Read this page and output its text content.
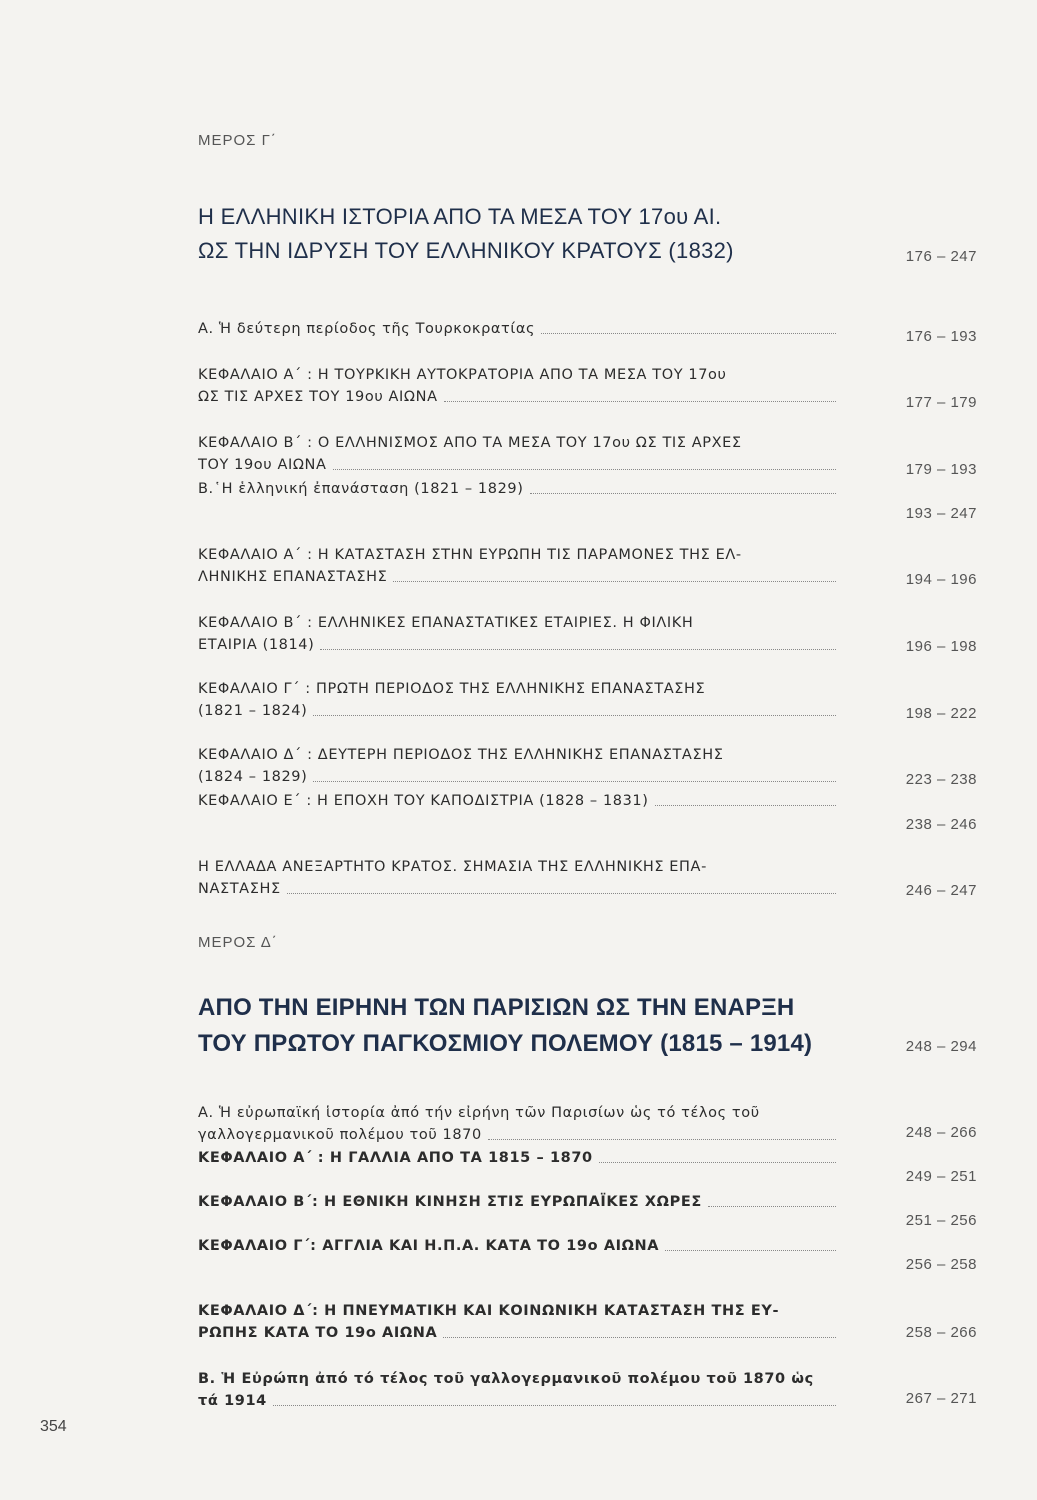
ΜΕΡΟΣ Γ΄
Η ΕΛΛΗΝΙΚΗ ΙΣΤΟΡΙΑ ΑΠΟ ΤΑ ΜΕΣΑ ΤΟΥ 17ου ΑΙ.
ΩΣ ΤΗΝ ΙΔΡΥΣΗ ΤΟΥ ΕΛΛΗΝΙΚΟΥ ΚΡΑΤΟΥΣ (1832)	176 – 247
Α. Ἡ δεύτερη περίοδος τῆς Τουρκοκρατίας	176 – 193
ΚΕΦΑΛΑΙΟ Α΄ : Η ΤΟΥΡΚΙΚΗ ΑΥΤΟΚΡΑΤΟΡΙΑ ΑΠΟ ΤΑ ΜΕΣΑ ΤΟΥ 17ου
ΩΣ ΤΙΣ ΑΡΧΕΣ ΤΟΥ 19ου ΑΙΩΝΑ	177 – 179
ΚΕΦΑΛΑΙΟ Β΄ : Ο ΕΛΛΗΝΙΣΜΟΣ ΑΠΟ ΤΑ ΜΕΣΑ ΤΟΥ 17ου ΩΣ ΤΙΣ ΑΡΧΕΣ
ΤΟΥ 19ου ΑΙΩΝΑ	179 – 193
Β.῾Η ἑλληνική ἐπανάσταση (1821 – 1829)
193 – 247
ΚΕΦΑΛΑΙΟ Α΄ : Η ΚΑΤΑΣΤΑΣΗ ΣΤΗΝ ΕΥΡΩΠΗ ΤΙΣ ΠΑΡΑΜΟΝΕΣ ΤΗΣ ΕΛ-
ΛΗΝΙΚΗΣ ΕΠΑΝΑΣΤΑΣΗΣ	194 – 196
ΚΕΦΑΛΑΙΟ Β΄ : ΕΛΛΗΝΙΚΕΣ ΕΠΑΝΑΣΤΑΤΙΚΕΣ ΕΤΑΙΡΙΕΣ. Η ΦΙΛΙΚΗ
ΕΤΑΙΡΙΑ (1814)	196 – 198
ΚΕΦΑΛΑΙΟ Γ΄ : ΠΡΩΤΗ ΠΕΡΙΟΔΟΣ ΤΗΣ ΕΛΛΗΝΙΚΗΣ ΕΠΑΝΑΣΤΑΣΗΣ
(1821 – 1824)	198 – 222
ΚΕΦΑΛΑΙΟ Δ΄ : ΔΕΥΤΕΡΗ ΠΕΡΙΟΔΟΣ ΤΗΣ ΕΛΛΗΝΙΚΗΣ ΕΠΑΝΑΣΤΑΣΗΣ
(1824 – 1829)	223 – 238
ΚΕΦΑΛΑΙΟ Ε΄ : Η ΕΠΟΧΗ ΤΟΥ ΚΑΠΟΔΙΣΤΡΙΑ (1828 – 1831)
238 – 246
Η ΕΛΛΑΔΑ ΑΝΕΞΑΡΤΗΤΟ ΚΡΑΤΟΣ. ΣΗΜΑΣΙΑ ΤΗΣ ΕΛΛΗΝΙΚΗΣ ΕΠΑ-
ΝΑΣΤΑΣΗΣ	246 – 247
ΜΕΡΟΣ Δ΄
ΑΠΟ ΤΗΝ ΕΙΡΗΝΗ ΤΩΝ ΠΑΡΙΣΙΩΝ ΩΣ ΤΗΝ ΕΝΑΡΞΗ
ΤΟΥ ΠΡΩΤΟΥ ΠΑΓΚΟΣΜΙΟΥ ΠΟΛΕΜΟΥ (1815 – 1914)	248 – 294
Α. Ἡ εὐρωπαϊκή ἱστορία ἀπό τήν εἰρήνη τῶν Παρισίων ὡς τό τέλος τοῦ
γαλλογερμανικοῦ πολέμου τοῦ 1870	248 – 266
ΚΕΦΑΛΑΙΟ Α΄ : Η ΓΑΛΛΙΑ ΑΠΟ ΤΑ 1815 – 1870
249 – 251
ΚΕΦΑΛΑΙΟ Β΄: Η ΕΘΝΙΚΗ ΚΙΝΗΣΗ ΣΤΙΣ ΕΥΡΩΠΑΪΚΕΣ ΧΩΡΕΣ
251 – 256
ΚΕΦΑΛΑΙΟ Γ΄: ΑΓΓΛΙΑ ΚΑΙ Η.Π.Α. ΚΑΤΑ ΤΟ 19ο ΑΙΩΝΑ
256 – 258
ΚΕΦΑΛΑΙΟ Δ΄: Η ΠΝΕΥΜΑΤΙΚΗ ΚΑΙ ΚΟΙΝΩΝΙΚΗ ΚΑΤΑΣΤΑΣΗ ΤΗΣ ΕΥ-
ΡΩΠΗΣ ΚΑΤΑ ΤΟ 19ο ΑΙΩΝΑ	258 – 266
Β. Ἡ Εὐρώπη ἀπό τό τέλος τοῦ γαλλογερμανικοῦ πολέμου τοῦ 1870 ὡς
τά 1914	267 – 271
354
